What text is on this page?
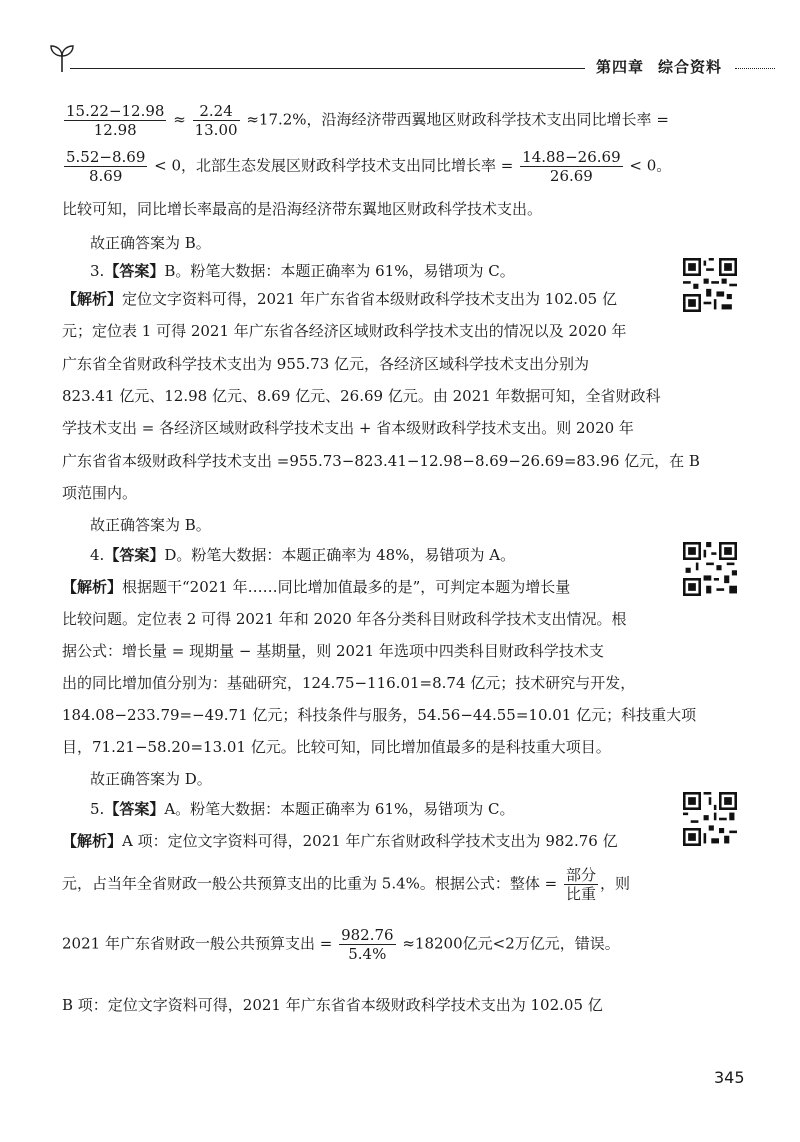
第四章 综合资料
$\frac{15.22-12.98}{12.98} \approx \frac{2.24}{13.00} \approx 17.2\%$，沿海经济带西翼地区财政科学技术支出同比增长率 =
$\frac{5.52-8.69}{8.69} < 0$，北部生态发展区财政科学技术支出同比增长率 = $\frac{14.88-26.69}{26.69} < 0$。
比较可知，同比增长率最高的是沿海经济带东翼地区财政科学技术支出。
故正确答案为 B。
3.【答案】B。粉笔大数据：本题正确率为 61%，易错项为 C。
【解析】定位文字资料可得，2021 年广东省省本级财政科学技术支出为 102.05 亿
元；定位表 1 可得 2021 年广东省各经济区域财政科学技术支出的情况以及 2020 年
广东省全省财政科学技术支出为 955.73 亿元，各经济区域科学技术支出分别为
823.41 亿元、12.98 亿元、8.69 亿元、26.69 亿元。由 2021 年数据可知，全省财政科
学技术支出 = 各经济区域财政科学技术支出 + 省本级财政科学技术支出。则 2020 年
广东省省本级财政科学技术支出 =955.73−823.41−12.98−8.69−26.69=83.96 亿元，在 B
项范围内。
故正确答案为 B。
4.【答案】D。粉笔大数据：本题正确率为 48%，易错项为 A。
【解析】根据题干“2021 年……同比增加值最多的是”，可判定本题为增长量
比较问题。定位表 2 可得 2021 年和 2020 年各分类科目财政科学技术支出情况。根
据公式：增长量 = 现期量 − 基期量，则 2021 年选项中四类科目财政科学技术支
出的同比增加值分别为：基础研究，124.75−116.01=8.74 亿元；技术研究与开发，
184.08−233.79=−49.71 亿元；科技条件与服务，54.56−44.55=10.01 亿元；科技重大项
目，71.21−58.20=13.01 亿元。比较可知，同比增加值最多的是科技重大项目。
故正确答案为 D。
5.【答案】A。粉笔大数据：本题正确率为 61%，易错项为 C。
【解析】A 项：定位文字资料可得，2021 年广东省财政科学技术支出为 982.76 亿
元，占当年全省财政一般公共预算支出的比重为 5.4%。根据公式：整体 = $\frac{\text{部分}}{\text{比重}}$ ，则
2021 年广东省财政一般公共预算支出 = $\frac{982.76}{5.4\%} \approx 18200$亿元<2万亿元，错误。
B 项：定位文字资料可得，2021 年广东省省本级财政科学技术支出为 102.05 亿
345
